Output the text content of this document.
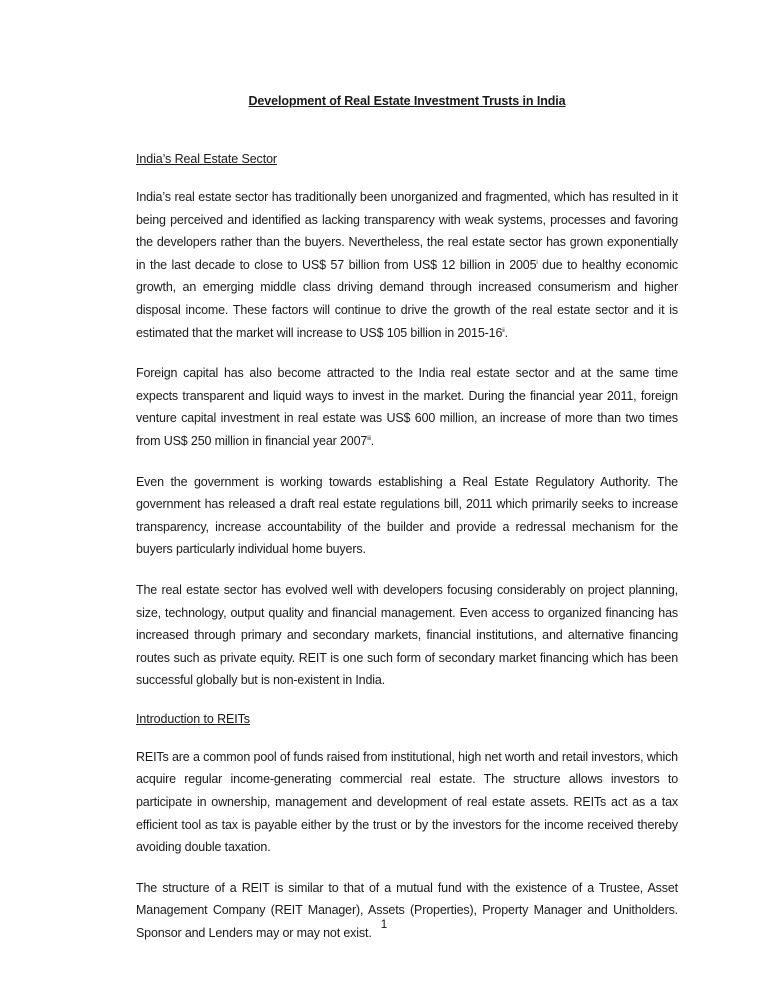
Development of Real Estate Investment Trusts in India
India’s Real Estate Sector

India’s real estate sector has traditionally been unorganized and fragmented, which has resulted in it being perceived and identified as lacking transparency with weak systems, processes and favoring the developers rather than the buyers. Nevertheless, the real estate sector has grown exponentially in the last decade to close to US$ 57 billion from US$ 12 billion in 2005$^i$ due to healthy economic growth, an emerging middle class driving demand through increased consumerism and higher disposal income. These factors will continue to drive the growth of the real estate sector and it is estimated that the market will increase to US$ 105 billion in 2015-16$^{ii}$.

Foreign capital has also become attracted to the India real estate sector and at the same time expects transparent and liquid ways to invest in the market. During the financial year 2011, foreign venture capital investment in real estate was US$ 600 million, an increase of more than two times from US$ 250 million in financial year 2007$^{iii}$.

Even the government is working towards establishing a Real Estate Regulatory Authority. The government has released a draft real estate regulations bill, 2011 which primarily seeks to increase transparency, increase accountability of the builder and provide a redressal mechanism for the buyers particularly individual home buyers.

The real estate sector has evolved well with developers focusing considerably on project planning, size, technology, output quality and financial management. Even access to organized financing has increased through primary and secondary markets, financial institutions, and alternative financing routes such as private equity. REIT is one such form of secondary market financing which has been successful globally but is non-existent in India.

Introduction to REITs

REITs are a common pool of funds raised from institutional, high net worth and retail investors, which acquire regular income-generating commercial real estate. The structure allows investors to participate in ownership, management and development of real estate assets. REITs act as a tax efficient tool as tax is payable either by the trust or by the investors for the income received thereby avoiding double taxation.

The structure of a REIT is similar to that of a mutual fund with the existence of a Trustee, Asset Management Company (REIT Manager), Assets (Properties), Property Manager and Unitholders. Sponsor and Lenders may or may not exist.

1
